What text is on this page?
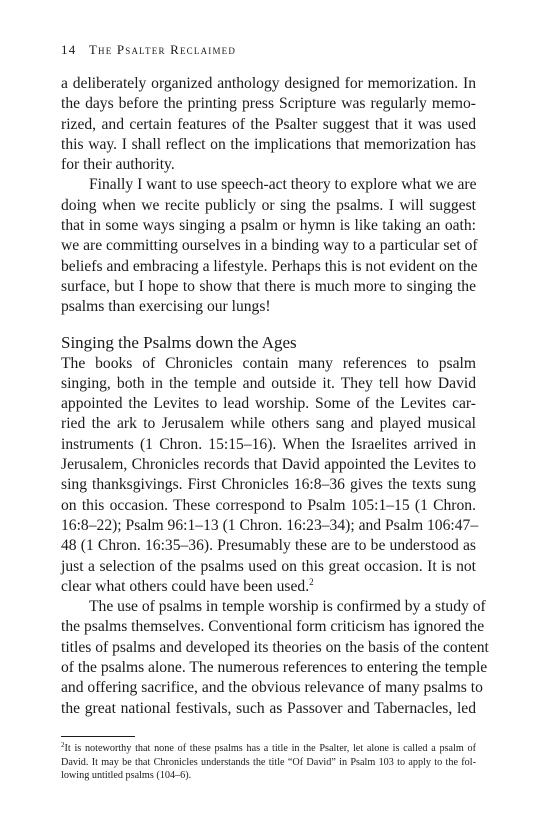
14 The Psalter Reclaimed
a deliberately organized anthology designed for memorization. In
the days before the printing press Scripture was regularly memo-
rized, and certain features of the Psalter suggest that it was used
this way. I shall reflect on the implications that memorization has
for their authority.
Finally I want to use speech-act theory to explore what we are
doing when we recite publicly or sing the psalms. I will suggest
that in some ways singing a psalm or hymn is like taking an oath:
we are committing ourselves in a binding way to a particular set of
beliefs and embracing a lifestyle. Perhaps this is not evident on the
surface, but I hope to show that there is much more to singing the
psalms than exercising our lungs!
Singing the Psalms down the Ages
The books of Chronicles contain many references to psalm
singing, both in the temple and outside it. They tell how David
appointed the Levites to lead worship. Some of the Levites car-
ried the ark to Jerusalem while others sang and played musical
instruments (1 Chron. 15:15–16). When the Israelites arrived in
Jerusalem, Chronicles records that David appointed the Levites to
sing thanksgivings. First Chronicles 16:8–36 gives the texts sung
on this occasion. These correspond to Psalm 105:1–15 (1 Chron.
16:8–22); Psalm 96:1–13 (1 Chron. 16:23–34); and Psalm 106:47–
48 (1 Chron. 16:35–36). Presumably these are to be understood as
just a selection of the psalms used on this great occasion. It is not
clear what others could have been used.$^2$
The use of psalms in temple worship is confirmed by a study of
the psalms themselves. Conventional form criticism has ignored the
titles of psalms and developed its theories on the basis of the content
of the psalms alone. The numerous references to entering the temple
and offering sacrifice, and the obvious relevance of many psalms to
the great national festivals, such as Passover and Tabernacles, led
$^2$It is noteworthy that none of these psalms has a title in the Psalter, let alone is called a psalm of
David. It may be that Chronicles understands the title “Of David” in Psalm 103 to apply to the fol-
lowing untitled psalms (104–6).
